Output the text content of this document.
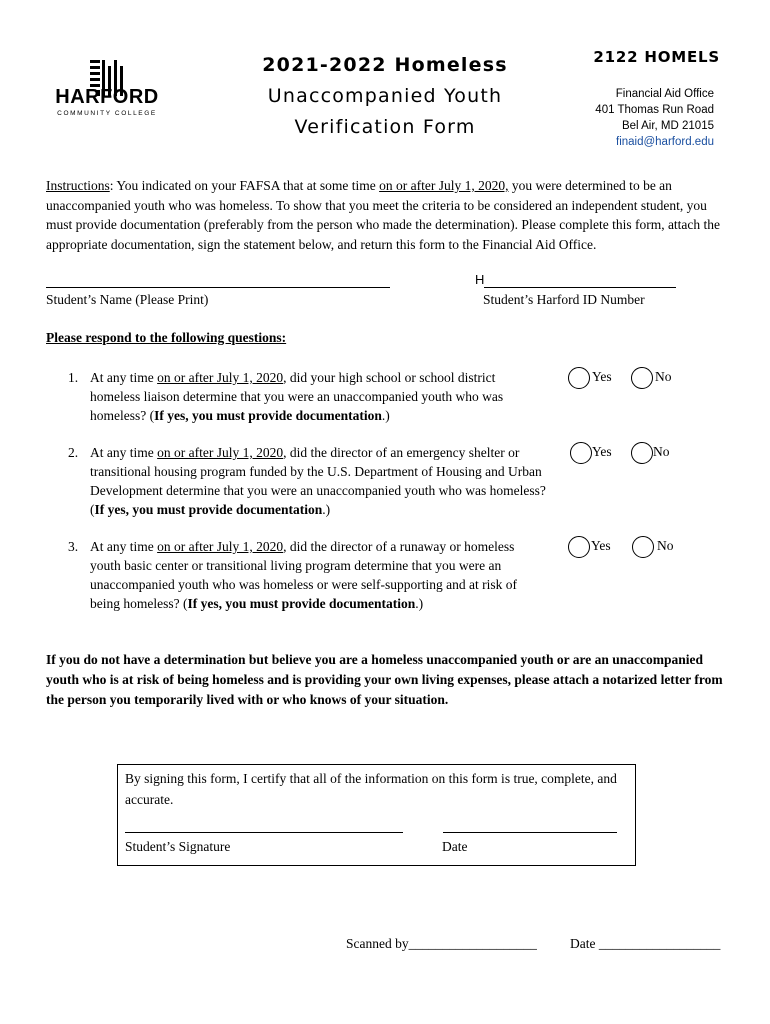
HARFORD
COMMUNITY COLLEGE
2021-2022 Homeless
Unaccompanied Youth
Verification Form
2122 HOMELS
Financial Aid Office
401 Thomas Run Road
Bel Air, MD 21015
finaid@harford.edu
Instructions: You indicated on your FAFSA that at some time on or after July 1, 2020, you were determined to be an unaccompanied youth who was homeless. To show that you meet the criteria to be considered an independent student, you must provide documentation (preferably from the person who made the determination). Please complete this form, attach the appropriate documentation, sign the statement below, and return this form to the Financial Aid Office.
Student’s Name (Please Print)
H
Student’s Harford ID Number
Please respond to the following questions:
1. At any time on or after July 1, 2020, did your high school or school district homeless liaison determine that you were an unaccompanied youth who was homeless? (If yes, you must provide documentation.)
Yes	No
2. At any time on or after July 1, 2020, did the director of an emergency shelter or transitional housing program funded by the U.S. Department of Housing and Urban Development determine that you were an unaccompanied youth who was homeless? (If yes, you must provide documentation.)
Yes	No
3. At any time on or after July 1, 2020, did the director of a runaway or homeless youth basic center or transitional living program determine that you were an unaccompanied youth who was homeless or were self-supporting and at risk of being homeless? (If yes, you must provide documentation.)
Yes	No
If you do not have a determination but believe you are a homeless unaccompanied youth or are an unaccompanied youth who is at risk of being homeless and is providing your own living expenses, please attach a notarized letter from the person you temporarily lived with or who knows of your situation.
By signing this form, I certify that all of the information on this form is true, complete, and accurate.
Student’s Signature	Date
Scanned by___________________ Date __________________
